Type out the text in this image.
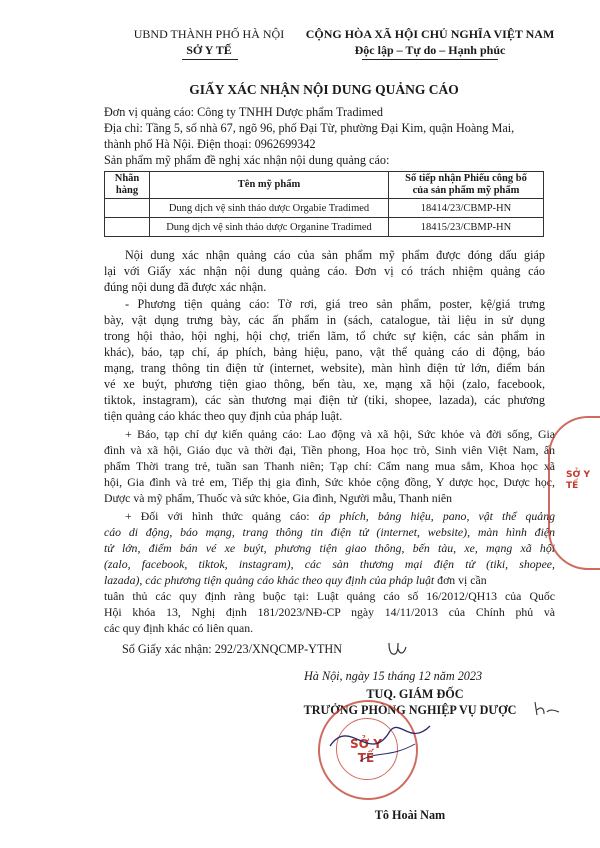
UBND THÀNH PHỐ HÀ NỘI
SỞ Y TẾ
CỘNG HÒA XÃ HỘI CHỦ NGHĨA VIỆT NAM
Độc lập – Tự do – Hạnh phúc
GIẤY XÁC NHẬN NỘI DUNG QUẢNG CÁO
Đơn vị quảng cáo: Công ty TNHH Dược phẩm Tradimed
Địa chỉ: Tầng 5, số nhà 67, ngõ 96, phố Đại Từ, phường Đại Kim, quận Hoàng Mai,
thành phố Hà Nội. Điện thoại: 0962699342
Sản phẩm mỹ phẩm đề nghị xác nhận nội dung quảng cáo:
Nhãn
hàng	Tên mỹ phẩm	Số tiếp nhận Phiếu công bố
của sản phẩm mỹ phẩm
	Dung dịch vệ sinh thảo dược Orgabie Tradimed	18414/23/CBMP-HN
	Dung dịch vệ sinh thảo dược Organine Tradimed	18415/23/CBMP-HN
Nội dung xác nhận quảng cáo của sản phẩm mỹ phẩm được đóng dấu giáp
lại với Giấy xác nhận nội dung quảng cáo. Đơn vị có trách nhiệm quảng cáo
đúng nội dung đã được xác nhận.
- Phương tiện quảng cáo: Tờ rơi, giá treo sản phẩm, poster, kệ/giá trưng
bày, vật dụng trưng bày, các ấn phẩm in (sách, catalogue, tài liệu in sử dụng
trong hội thảo, hội nghị, hội chợ, triển lãm, tổ chức sự kiện, các sản phẩm in
khác), báo, tạp chí, áp phích, bảng hiệu, pano, vật thể quảng cáo di động, báo
mạng, trang thông tin điện tử (internet, website), màn hình điện tử lớn, điểm bán
vé xe buýt, phương tiện giao thông, bến tàu, xe, mạng xã hội (zalo, facebook,
tiktok, instagram), các sàn thương mại điện tử (tiki, shopee, lazada), các phương
tiện quảng cáo khác theo quy định của pháp luật.
+ Báo, tạp chí dự kiến quảng cáo: Lao động và xã hội, Sức khỏe và đời sống, Gia
đình và xã hội, Giáo dục và thời đại, Tiền phong, Hoa học trò, Sinh viên Việt Nam, ấn
phẩm Thời trang trẻ, tuần san Thanh niên; Tạp chí: Cẩm nang mua sắm, Khoa học xã
hội, Gia đình và trẻ em, Tiếp thị gia đình, Sức khỏe cộng đồng, Y dược học, Dược học,
Dược và mỹ phẩm, Thuốc và sức khỏe, Gia đình, Người mẫu, Thanh niên
+ Đối với hình thức quảng cáo: áp phích, bảng hiệu, pano, vật thể quảng
cáo di động, báo mạng, trang thông tin điện tử (internet, website), màn hình điện
tử lớn, điểm bán vé xe buýt, phương tiện giao thông, bến tàu, xe, mạng xã hội
(zalo, facebook, tiktok, instagram), các sàn thương mại điện tử (tiki, shopee,
lazada), các phương tiện quảng cáo khác theo quy định của pháp luật đơn vị cần
tuân thủ các quy định ràng buộc tại: Luật quảng cáo số 16/2012/QH13 của Quốc
Hội khóa 13, Nghị định 181/2023/NĐ-CP ngày 14/11/2013 của Chính phủ và
các quy định khác có liên quan.
Số Giấy xác nhận: 292/23/XNQCMP-YTHN
Hà Nội, ngày 15 tháng 12 năm 2023
TUQ. GIÁM ĐỐC
TRƯỞNG PHÒNG NGHIỆP VỤ DƯỢC
SỞ Y TẾ
Tô Hoài Nam
SỞ Y TẾ
